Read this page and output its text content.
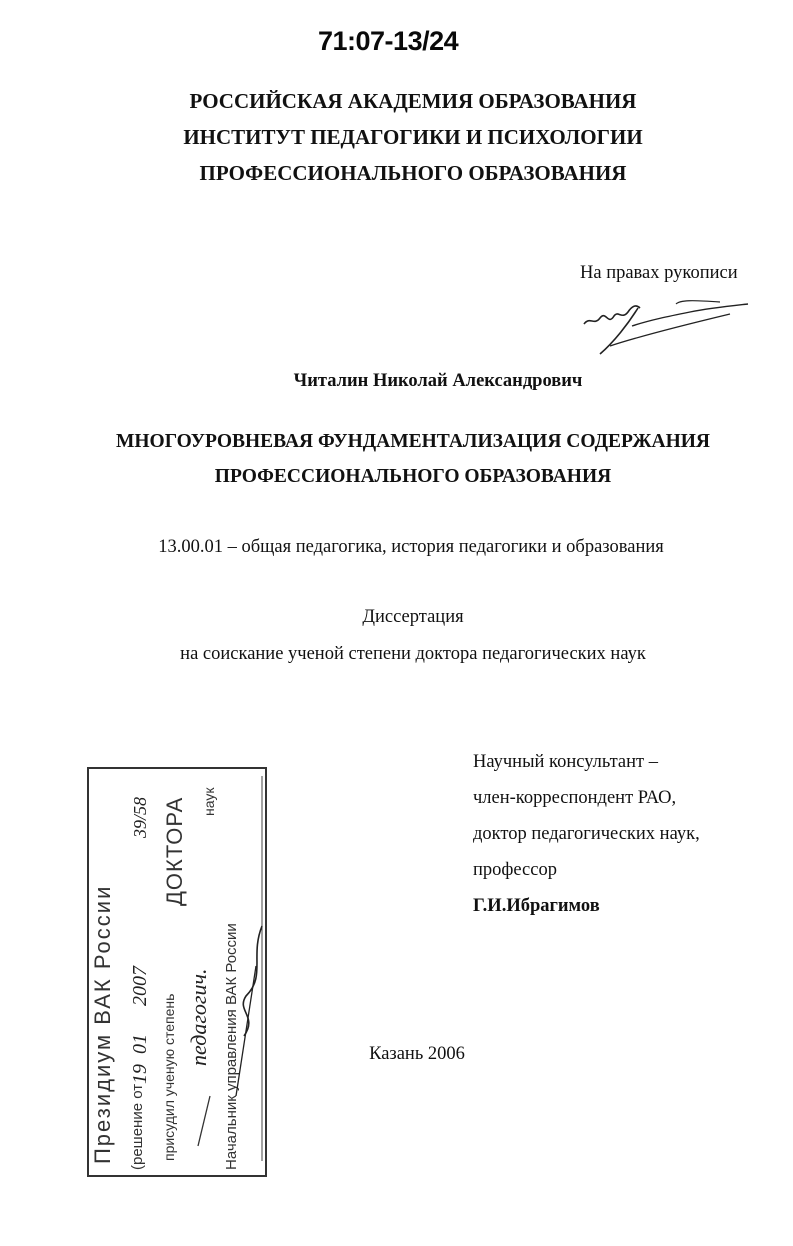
71:07-13/24
РОССИЙСКАЯ АКАДЕМИЯ ОБРАЗОВАНИЯ
ИНСТИТУТ ПЕДАГОГИКИ И ПСИХОЛОГИИ
ПРОФЕССИОНАЛЬНОГО ОБРАЗОВАНИЯ
На правах рукописи
Читалин Николай Александрович
МНОГОУРОВНЕВАЯ ФУНДАМЕНТАЛИЗАЦИЯ СОДЕРЖАНИЯ
ПРОФЕССИОНАЛЬНОГО ОБРАЗОВАНИЯ
13.00.01 – общая педагогика, история педагогики и образования
Диссертация
на соискание ученой степени доктора педагогических наук
Научный консультант –
член-корреспондент РАО,
доктор педагогических наук,
профессор
Г.И.Ибрагимов
Казань 2006
Президиум ВАК России (решение от
19
01
2007
39/58
присудил ученую степень
ДОКТОРА
педагогич.
наук
Начальник управления ВАК России
